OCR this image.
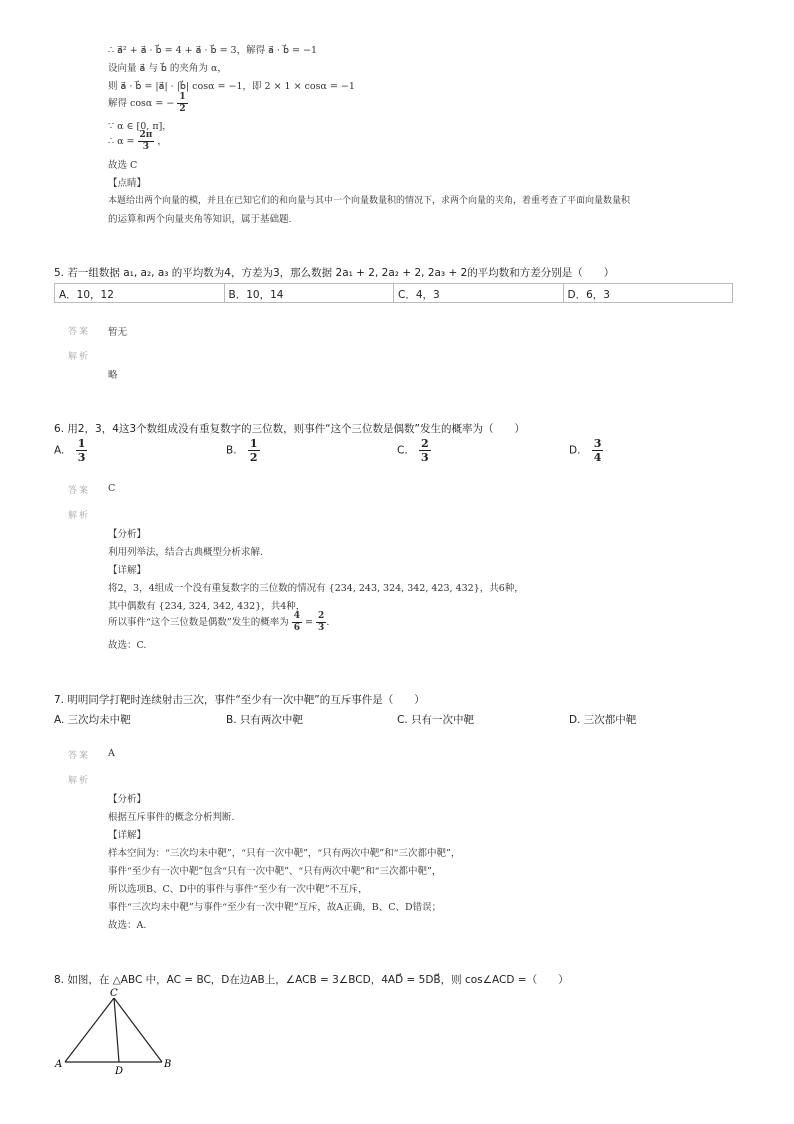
∴ a⃗² + a⃗ · b⃗ = 4 + a⃗ · b⃗ = 3，解得 a⃗ · b⃗ = −1
设向量 a⃗ 与 b⃗ 的夹角为 α，
则 a⃗ · b⃗ = |a⃗| · |b⃗| cosα = −1，即 2 × 1 × cosα = −1
解得 cosα = − $\frac{1}{2}$
∵ α ∈ [0, π]，
∴ $\alpha = \frac{2\pi}{3}$ ，
故选 C
【点睛】
本题给出两个向量的模，并且在已知它们的和向量与其中一个向量数量积的情况下，求两个向量的夹角，着重考查了平面向量数量积
的运算和两个向量夹角等知识，属于基础题.
5. 若一组数据 a₁, a₂, a₃ 的平均数为4，方差为3，那么数据 2a₁ + 2, 2a₂ + 2, 2a₃ + 2的平均数和方差分别是（　　）
A．10，12	B．10，14	C．4，3	D．6，3
答案 暂无
解析
略
6. 用2，3，4这3个数组成没有重复数字的三位数，则事件“这个三位数是偶数”发生的概率为（　　）
A. $\frac{1}{3}$	B. $\frac{1}{2}$	C. $\frac{2}{3}$	D. $\frac{3}{4}$
答案 C
解析
【分析】
利用列举法，结合古典概型分析求解.
【详解】
将2，3，4组成一个没有重复数字的三位数的情况有 {234, 243, 324, 342, 423, 432}，共6种，
其中偶数有 {234, 324, 342, 432}，共4种，
所以事件“这个三位数是偶数”发生的概率为 $\frac{4}{6} = \frac{2}{3}$ .
故选：C.
7. 明明同学打靶时连续射击三次，事件“至少有一次中靶”的互斥事件是（　　）
A. 三次均未中靶	B. 只有两次中靶	C. 只有一次中靶	D. 三次都中靶
答案 A
解析
【分析】
根据互斥事件的概念分析判断.
【详解】
样本空间为：“三次均未中靶”，“只有一次中靶”，“只有两次中靶”和“三次都中靶”，
事件“至少有一次中靶”包含“只有一次中靶”、“只有两次中靶”和“三次都中靶”，
所以选项B、C、D中的事件与事件“至少有一次中靶”不互斥，
事件“三次均未中靶”与事件“至少有一次中靶”互斥，故A正确，B、C、D错误；
故选：A.
8. 如图，在 △ABC 中，AC = BC，D在边AB上，∠ACB = 3∠BCD，4AD⃗ = 5DB⃗，则 cos∠ACD =（　　）
C
A	B
D
